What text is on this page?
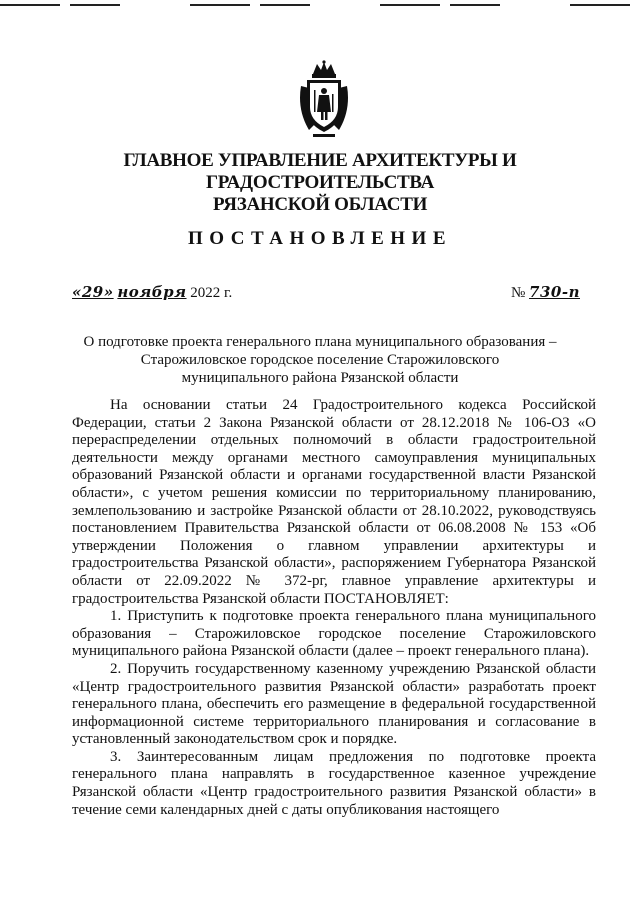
ГЛАВНОЕ УПРАВЛЕНИЕ АРХИТЕКТУРЫ И ГРАДОСТРОИТЕЛЬСТВА
РЯЗАНСКОЙ ОБЛАСТИ
ПОСТАНОВЛЕНИЕ
«29» ноября 2022 г.	№ 730-п
О подготовке проекта генерального плана муниципального образования –
Старожиловское городское поселение Старожиловского
муниципального района Рязанской области

На основании статьи 24 Градостроительного кодекса Российской Федерации, статьи 2 Закона Рязанской области от 28.12.2018 № 106-ОЗ «О перераспределении отдельных полномочий в области градостроительной деятельности между органами местного самоуправления муниципальных образований Рязанской области и органами государственной власти Рязанской области», с учетом решения комиссии по территориальному планированию, землепользованию и застройке Рязанской области от 28.10.2022, руководствуясь постановлением Правительства Рязанской области от 06.08.2008 № 153 «Об утверждении Положения о главном управлении архитектуры и градостроительства Рязанской области», распоряжением Губернатора Рязанской области от 22.09.2022 № 372-рг, главное управление архитектуры и градостроительства Рязанской области ПОСТАНОВЛЯЕТ:

1. Приступить к подготовке проекта генерального плана муниципального образования – Старожиловское городское поселение Старожиловского муниципального района Рязанской области (далее – проект генерального плана).

2. Поручить государственному казенному учреждению Рязанской области «Центр градостроительного развития Рязанской области» разработать проект генерального плана, обеспечить его размещение в федеральной государственной информационной системе территориального планирования и согласование в установленный законодательством срок и порядке.

3. Заинтересованным лицам предложения по подготовке проекта генерального плана направлять в государственное казенное учреждение Рязанской области «Центр градостроительного развития Рязанской области» в течение семи календарных дней с даты опубликования настоящего
